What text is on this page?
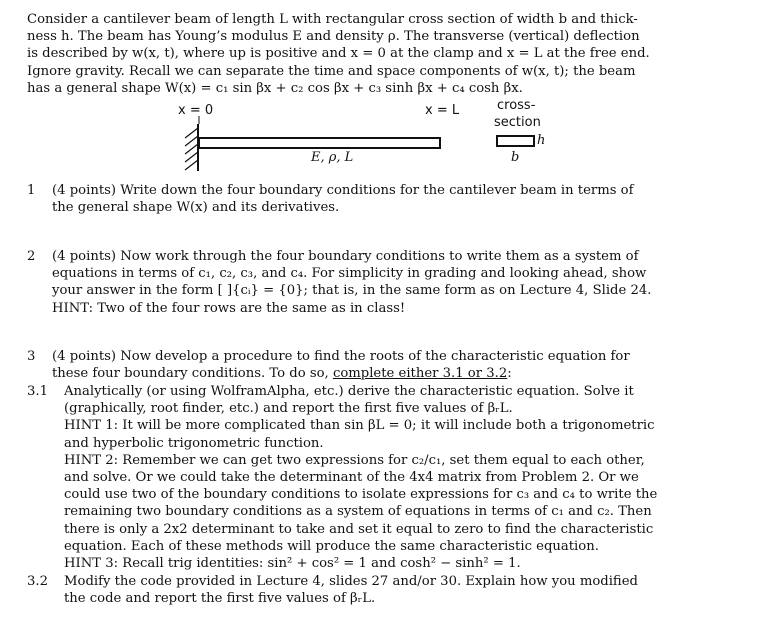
Consider a cantilever beam of length L with rectangular cross section of width b and thick-
ness h. The beam has Young’s modulus E and density ρ. The transverse (vertical) deflection
is described by w(x, t), where up is positive and x = 0 at the clamp and x = L at the free end.
Ignore gravity. Recall we can separate the time and space components of w(x, t); the beam
has a general shape W(x) = c₁ sin βx + c₂ cos βx + c₃ sinh βx + c₄ cosh βx.
x = 0	x = L	cross-
section
h
b
E, ρ, L
1 (4 points) Write down the four boundary conditions for the cantilever beam in terms of
the general shape W(x) and its derivatives.
2 (4 points) Now work through the four boundary conditions to write them as a system of
equations in terms of c₁, c₂, c₃, and c₄. For simplicity in grading and looking ahead, show
your answer in the form [ ]{cᵢ} = {0}; that is, in the same form as on Lecture 4, Slide 24.
HINT: Two of the four rows are the same as in class!
3 (4 points) Now develop a procedure to find the roots of the characteristic equation for
these four boundary conditions. To do so, complete either 3.1 or 3.2:
3.1 Analytically (or using WolframAlpha, etc.) derive the characteristic equation. Solve it
(graphically, root finder, etc.) and report the first five values of βᵣL.
HINT 1: It will be more complicated than sin βL = 0; it will include both a trigonometric
and hyperbolic trigonometric function.
HINT 2: Remember we can get two expressions for c₂/c₁, set them equal to each other,
and solve. Or we could take the determinant of the 4x4 matrix from Problem 2. Or we
could use two of the boundary conditions to isolate expressions for c₃ and c₄ to write the
remaining two boundary conditions as a system of equations in terms of c₁ and c₂. Then
there is only a 2x2 determinant to take and set it equal to zero to find the characteristic
equation. Each of these methods will produce the same characteristic equation.
HINT 3: Recall trig identities: sin² + cos² = 1 and cosh² − sinh² = 1.
3.2 Modify the code provided in Lecture 4, slides 27 and/or 30. Explain how you modified
the code and report the first five values of βᵣL.
